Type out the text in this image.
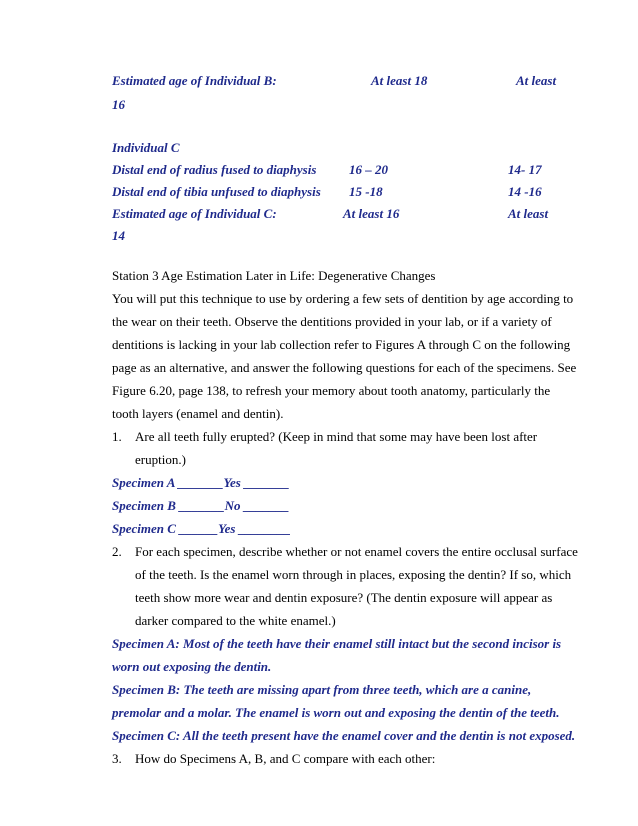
Estimated age of Individual B:	At least 18	At least
16
Individual C
Distal end of radius fused to diaphysis	16 – 20	14- 17
Distal end of tibia unfused to diaphysis 15 -18	14 -16
Estimated age of Individual C:	At least 16	At least
14
Station 3 Age Estimation Later in Life: Degenerative Changes
You will put this technique to use by ordering a few sets of dentition by age according to
the wear on their teeth. Observe the dentitions provided in your lab, or if a variety of
dentitions is lacking in your lab collection refer to Figures A through C on the following
page as an alternative, and answer the following questions for each of the specimens. See
Figure 6.20, page 138, to refresh your memory about tooth anatomy, particularly the
tooth layers (enamel and dentin).
1. Are all teeth fully erupted? (Keep in mind that some may have been lost after
eruption.)
Specimen A _______Yes _______
Specimen B _______No _______
Specimen C ______Yes ________
2. For each specimen, describe whether or not enamel covers the entire occlusal surface
of the teeth. Is the enamel worn through in places, exposing the dentin? If so, which
teeth show more wear and dentin exposure? (The dentin exposure will appear as
darker compared to the white enamel.)
Specimen A: Most of the teeth have their enamel still intact but the second incisor is
worn out exposing the dentin.
Specimen B: The teeth are missing apart from three teeth, which are a canine,
premolar and a molar. The enamel is worn out and exposing the dentin of the teeth.
Specimen C: All the teeth present have the enamel cover and the dentin is not exposed.
3. How do Specimens A, B, and C compare with each other:
